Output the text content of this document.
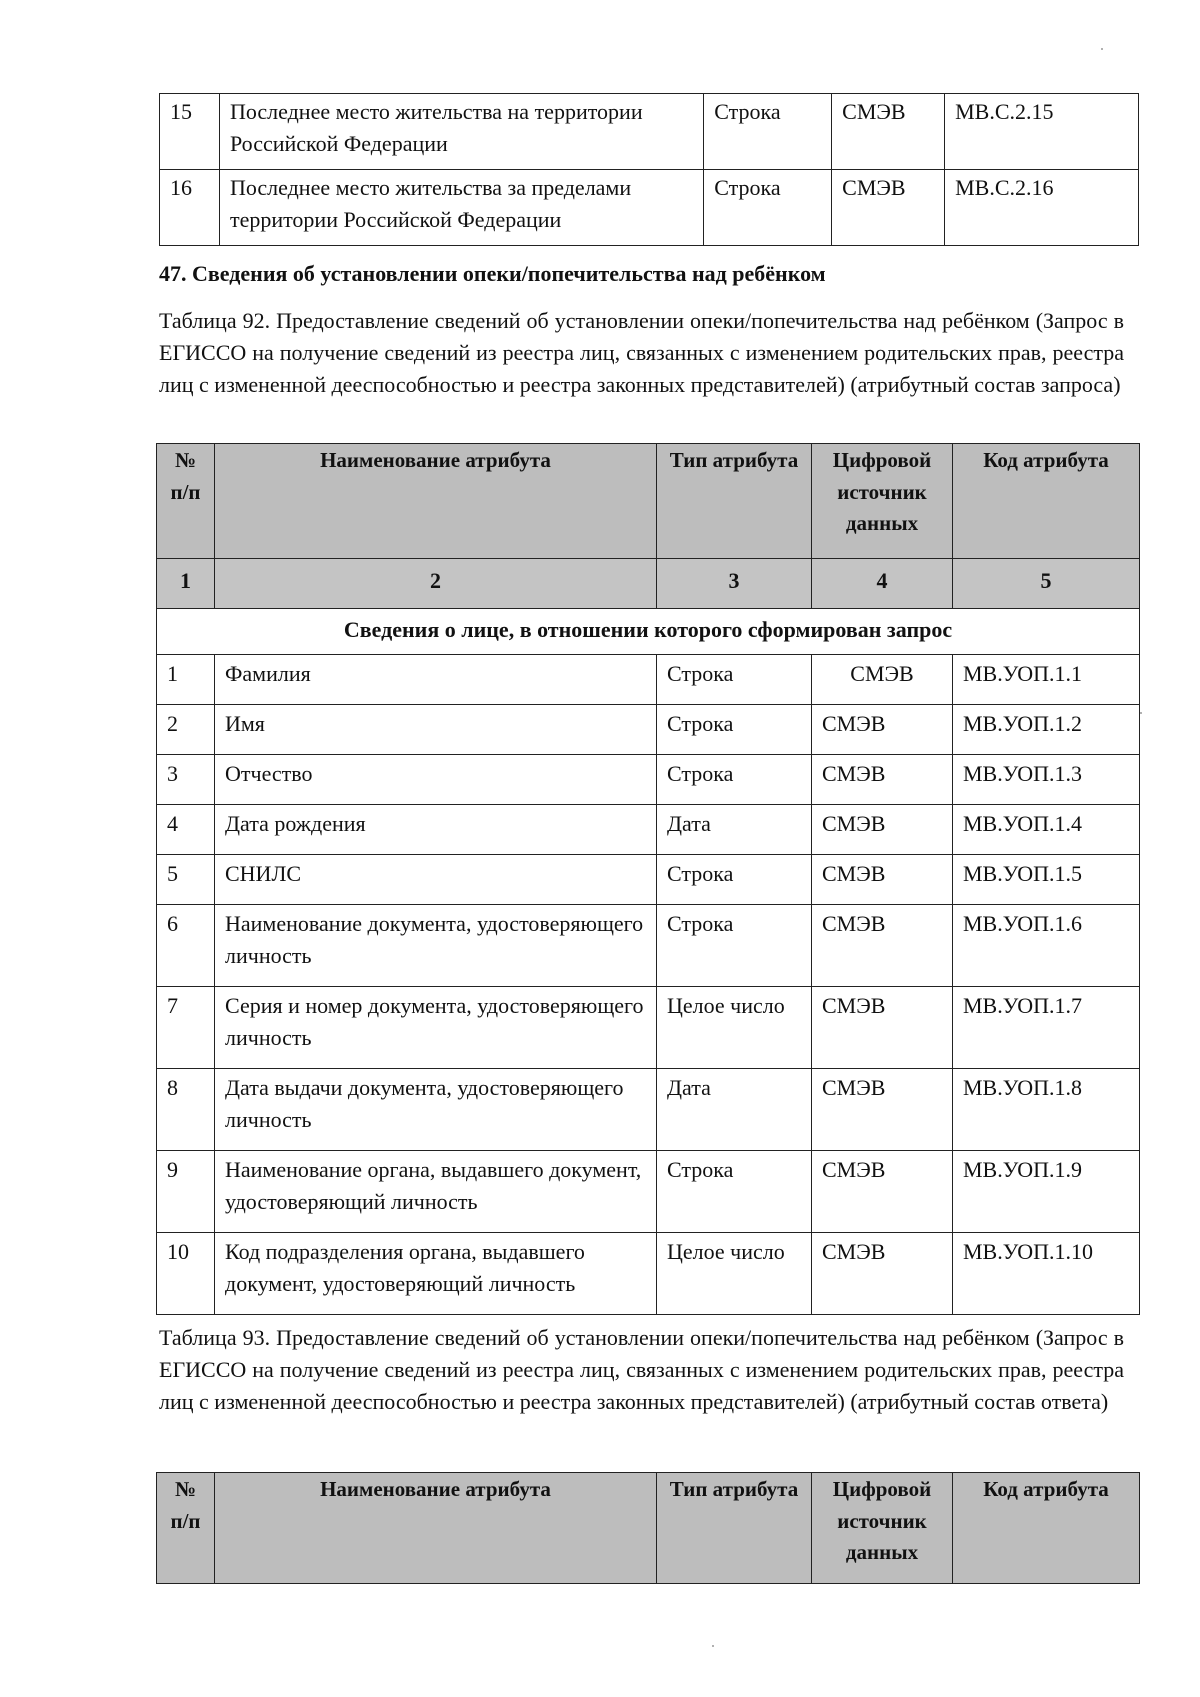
15	Последнее место жительства на территории Российской Федерации	Строка	СМЭВ	МВ.С.2.15
16	Последнее место жительства за пределами территории Российской Федерации	Строка	СМЭВ	МВ.С.2.16

47. Сведения об установлении опеки/попечительства над ребёнком

Таблица 92. Предоставление сведений об установлении опеки/попечительства над ребёнком (Запрос в ЕГИССО на получение сведений из реестра лиц, связанных с изменением родительских прав, реестра лиц с измененной дееспособностью и реестра законных представителей) (атрибутный состав запроса)

№ п/п	Наименование атрибута	Тип атрибута	Цифровой источник данных	Код атрибута
1	2	3	4	5
Сведения о лице, в отношении которого сформирован запрос				
1	Фамилия	Строка	СМЭВ	МВ.УОП.1.1
2	Имя	Строка	СМЭВ	МВ.УОП.1.2
3	Отчество	Строка	СМЭВ	МВ.УОП.1.3
4	Дата рождения	Дата	СМЭВ	МВ.УОП.1.4
5	СНИЛС	Строка	СМЭВ	МВ.УОП.1.5
6	Наименование документа, удостоверяющего личность	Строка	СМЭВ	МВ.УОП.1.6
7	Серия и номер документа, удостоверяющего личность	Целое число	СМЭВ	МВ.УОП.1.7
8	Дата выдачи документа, удостоверяющего личность	Дата	СМЭВ	МВ.УОП.1.8
9	Наименование органа, выдавшего документ, удостоверяющий личность	Строка	СМЭВ	МВ.УОП.1.9
10	Код подразделения органа, выдавшего документ, удостоверяющий личность	Целое число	СМЭВ	МВ.УОП.1.10

Таблица 93. Предоставление сведений об установлении опеки/попечительства над ребёнком (Запрос в ЕГИССО на получение сведений из реестра лиц, связанных с изменением родительских прав, реестра лиц с измененной дееспособностью и реестра законных представителей) (атрибутный состав ответа)

№ п/п	Наименование атрибута	Тип атрибута	Цифровой источник данных	Код атрибута
